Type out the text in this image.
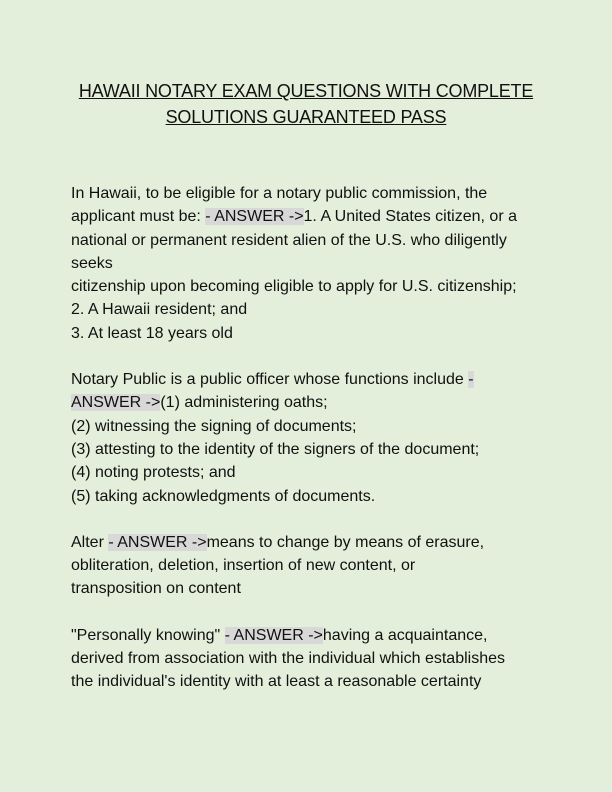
HAWAII NOTARY EXAM QUESTIONS WITH COMPLETE
SOLUTIONS GUARANTEED PASS
In Hawaii, to be eligible for a notary public commission, the
applicant must be: - ANSWER ->1. A United States citizen, or a
national or permanent resident alien of the U.S. who diligently
seeks
citizenship upon becoming eligible to apply for U.S. citizenship;
2. A Hawaii resident; and
3. At least 18 years old
Notary Public is a public officer whose functions include -
ANSWER ->(1) administering oaths;
(2) witnessing the signing of documents;
(3) attesting to the identity of the signers of the document;
(4) noting protests; and
(5) taking acknowledgments of documents.
Alter - ANSWER ->means to change by means of erasure,
obliteration, deletion, insertion of new content, or
transposition on content
"Personally knowing" - ANSWER ->having a acquaintance,
derived from association with the individual which establishes
the individual's identity with at least a reasonable certainty
